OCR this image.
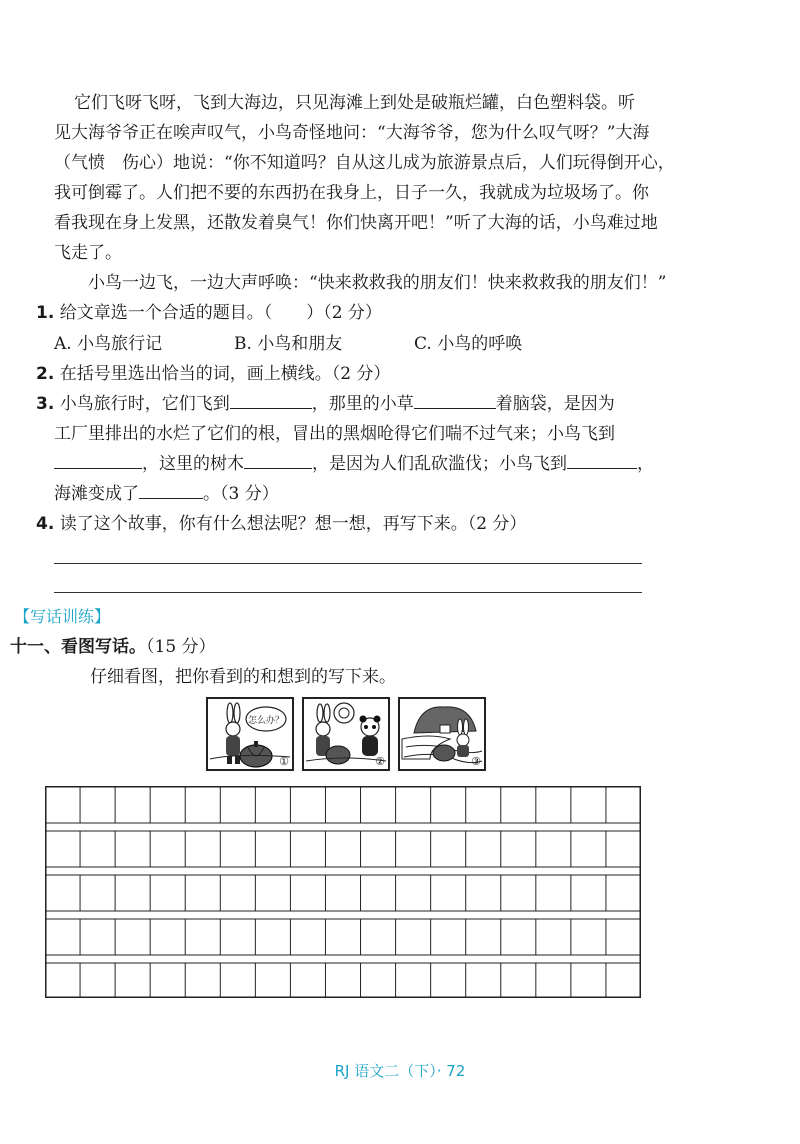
它们飞呀飞呀，飞到大海边，只见海滩上到处是破瓶烂罐，白色塑料袋。听
见大海爷爷正在唉声叹气，小鸟奇怪地问：“大海爷爷，您为什么叹气呀？”大海
（气愤　伤心）地说：“你不知道吗？自从这儿成为旅游景点后，人们玩得倒开心，
我可倒霉了。人们把不要的东西扔在我身上，日子一久，我就成为垃圾场了。你
看我现在身上发黑，还散发着臭气！你们快离开吧！”听了大海的话，小鸟难过地
飞走了。
小鸟一边飞，一边大声呼唤：“快来救救我的朋友们！快来救救我的朋友们！”
1. 给文章选一个合适的题目。（　　）（2 分）
A. 小鸟旅行记	B. 小鸟和朋友	C. 小鸟的呼唤
2. 在括号里选出恰当的词，画上横线。（2 分）
3. 小鸟旅行时，它们飞到	，那里的小草	着脑袋，是因为
工厂里排出的水烂了它们的根，冒出的黑烟呛得它们喘不过气来；小鸟飞到
，这里的树木	，是因为人们乱砍滥伐；小鸟飞到	，
海滩变成了	。（3 分）
4. 读了这个故事，你有什么想法呢？想一想，再写下来。（2 分）
【写话训练】
十一、看图写话。（15 分）
仔细看图，把你看到的和想到的写下来。
怎么办？
①	②	③
RJ 语文二（下）· 72
